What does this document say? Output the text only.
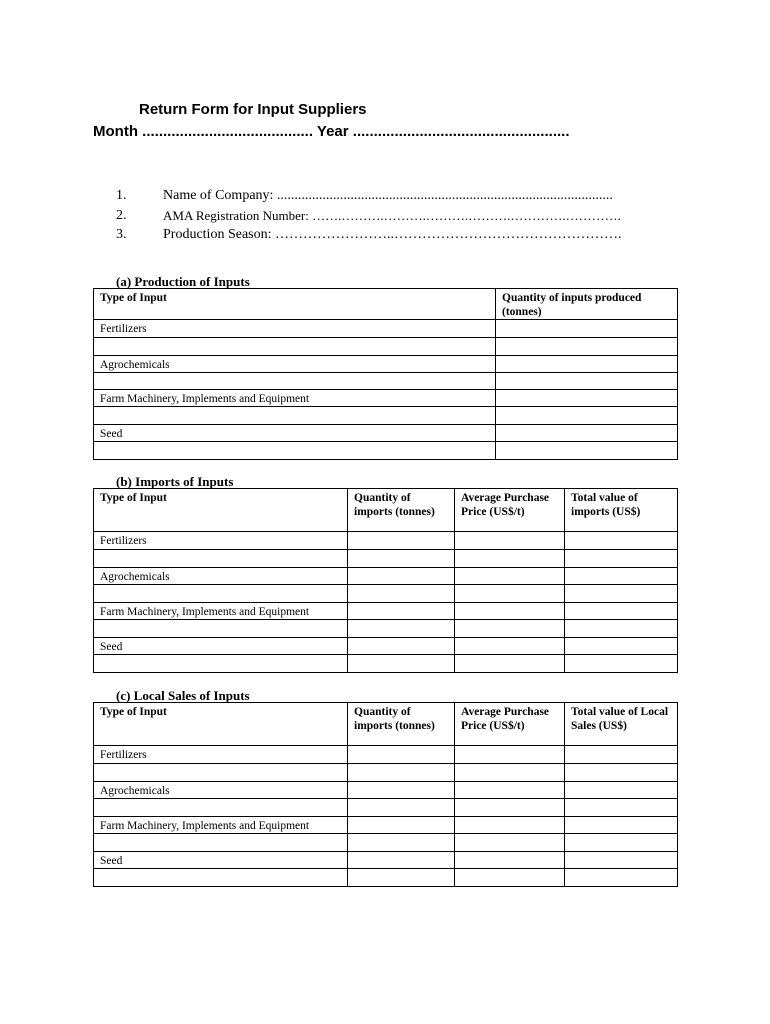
Return Form for Input Suppliers
Month ......................................... Year ....................................................
1.	Name of Company: ................................................................................................
2.	AMA Registration Number: …….……….……….……….……….………….………….
3.	Production Season: ……………………..………………………………………….
(a) Production of Inputs
Type of Input	Quantity of inputs produced (tonnes)
Fertilizers	

Agrochemicals	

Farm Machinery, Implements and Equipment	

Seed	

(b) Imports of Inputs
Type of Input	Quantity of imports (tonnes)	Average Purchase Price (US$/t)	Total value of imports (US$)
Fertilizers			

Agrochemicals			

Farm Machinery, Implements and Equipment			

Seed			

(c) Local Sales of Inputs
Type of Input	Quantity of imports (tonnes)	Average Purchase Price (US$/t)	Total value of Local Sales (US$)
Fertilizers			

Agrochemicals			

Farm Machinery, Implements and Equipment			

Seed			
